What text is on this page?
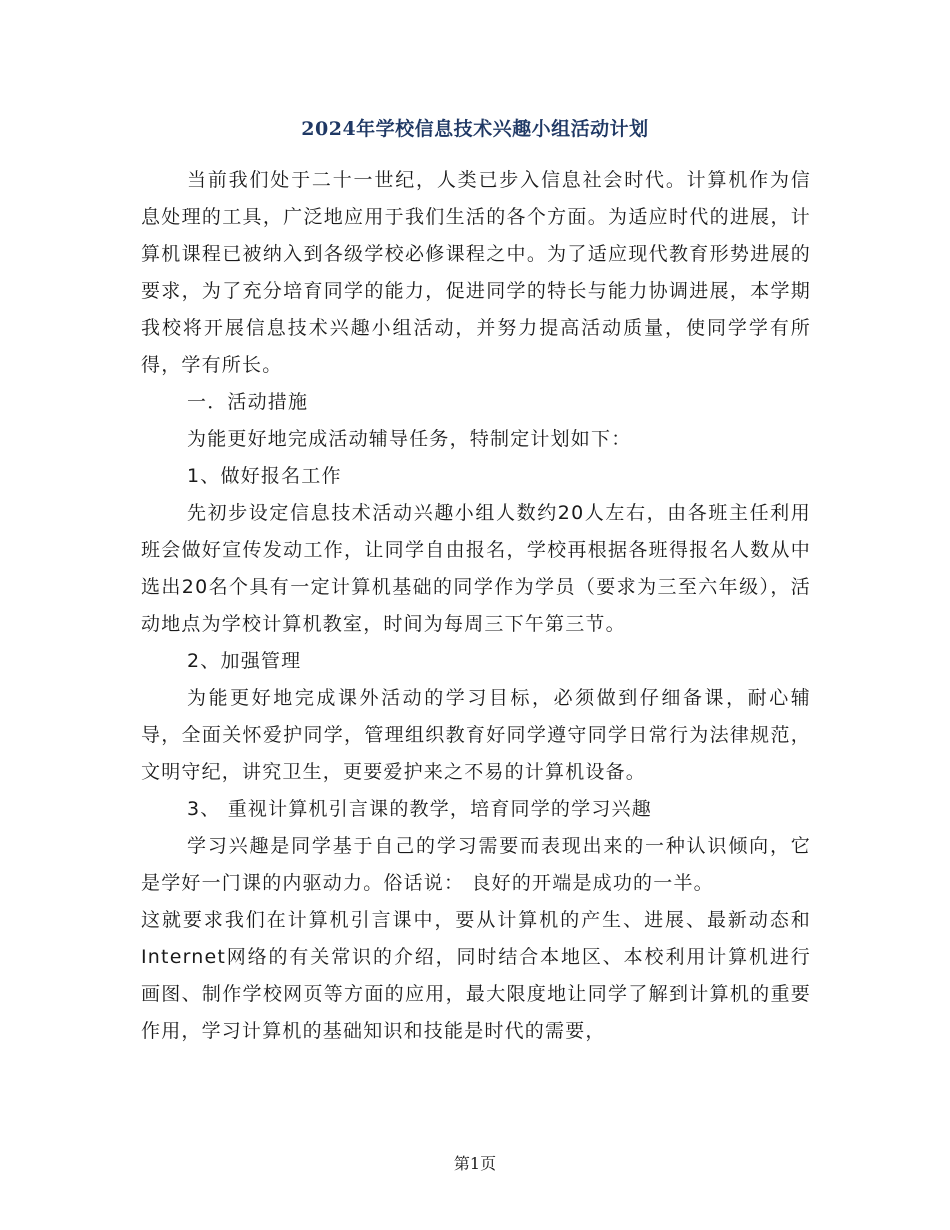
2024年学校信息技术兴趣小组活动计划

当前我们处于二十一世纪，人类已步入信息社会时代。计算机作为信息处理的工具，广泛地应用于我们生活的各个方面。为适应时代的进展，计算机课程已被纳入到各级学校必修课程之中。为了适应现代教育形势进展的要求，为了充分培育同学的能力，促进同学的特长与能力协调进展，本学期我校将开展信息技术兴趣小组活动，并努力提高活动质量，使同学学有所得，学有所长。

一．活动措施

为能更好地完成活动辅导任务，特制定计划如下：

1、做好报名工作

先初步设定信息技术活动兴趣小组人数约20人左右，由各班主任利用班会做好宣传发动工作，让同学自由报名，学校再根据各班得报名人数从中选出20名个具有一定计算机基础的同学作为学员（要求为三至六年级），活动地点为学校计算机教室，时间为每周三下午第三节。

2、加强管理

为能更好地完成课外活动的学习目标，必须做到仔细备课，耐心辅导，全面关怀爱护同学，管理组织教育好同学遵守同学日常行为法律规范，文明守纪，讲究卫生，更要爱护来之不易的计算机设备。

3、 重视计算机引言课的教学，培育同学的学习兴趣

学习兴趣是同学基于自己的学习需要而表现出来的一种认识倾向，它是学好一门课的内驱动力。俗话说： 良好的开端是成功的一半。

这就要求我们在计算机引言课中，要从计算机的产生、进展、最新动态和Internet网络的有关常识的介绍，同时结合本地区、本校利用计算机进行画图、制作学校网页等方面的应用，最大限度地让同学了解到计算机的重要作用，学习计算机的基础知识和技能是时代的需要，

第1页
